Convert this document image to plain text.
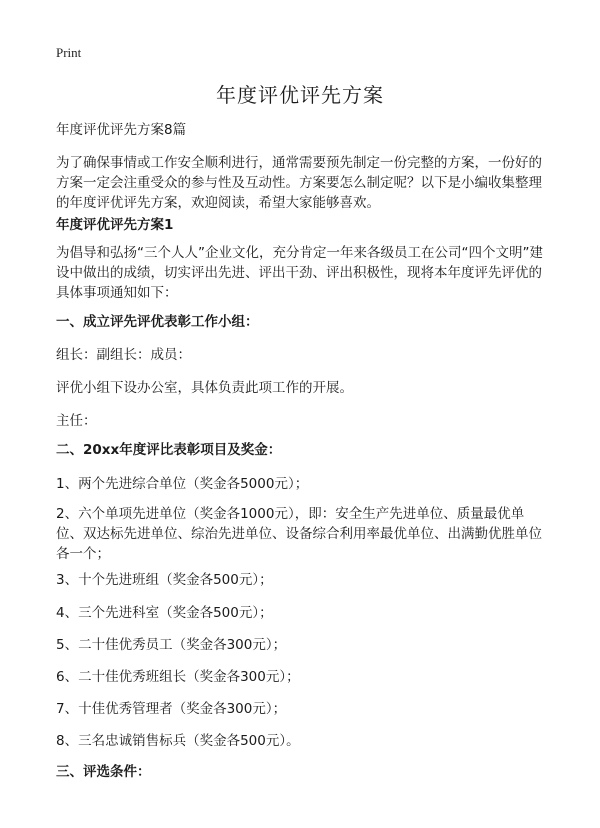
Print
年度评优评先方案
年度评优评先方案8篇
为了确保事情或工作安全顺利进行，通常需要预先制定一份完整的方案，一份好的方案一定会注重受众的参与性及互动性。方案要怎么制定呢？以下是小编收集整理的年度评优评先方案，欢迎阅读，希望大家能够喜欢。
年度评优评先方案1
为倡导和弘扬“三个人人”企业文化，充分肯定一年来各级员工在公司“四个文明”建设中做出的成绩，切实评出先进、评出干劲、评出积极性，现将本年度评先评优的具体事项通知如下：
一、成立评先评优表彰工作小组：
组长：副组长：成员：
评优小组下设办公室，具体负责此项工作的开展。
主任：
二、20xx年度评比表彰项目及奖金：
1、两个先进综合单位（奖金各5000元）；
2、六个单项先进单位（奖金各1000元），即：安全生产先进单位、质量最优单位、双达标先进单位、综治先进单位、设备综合利用率最优单位、出满勤优胜单位各一个；
3、十个先进班组（奖金各500元）；
4、三个先进科室（奖金各500元）；
5、二十佳优秀员工（奖金各300元）；
6、二十佳优秀班组长（奖金各300元）；
7、十佳优秀管理者（奖金各300元）；
8、三名忠诚销售标兵（奖金各500元）。
三、评选条件：
